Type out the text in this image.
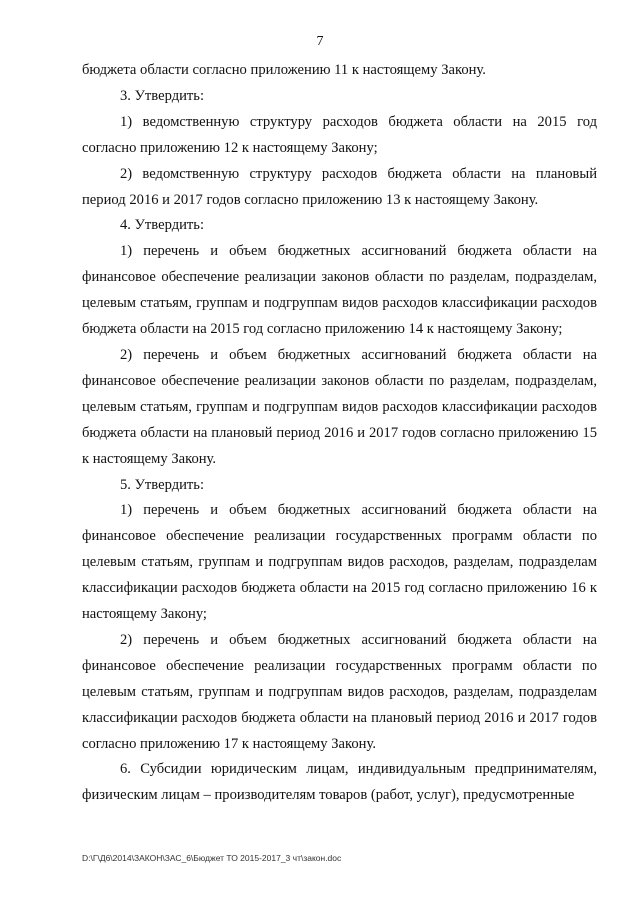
7

бюджета области согласно приложению 11 к настоящему Закону.

3. Утвердить:

1) ведомственную структуру расходов бюджета области на 2015 год согласно приложению 12 к настоящему Закону;

2) ведомственную структуру расходов бюджета области на плановый период 2016 и 2017 годов согласно приложению 13 к настоящему Закону.

4. Утвердить:

1) перечень и объем бюджетных ассигнований бюджета области на финансовое обеспечение реализации законов области по разделам, подразделам, целевым статьям, группам и подгруппам видов расходов классификации расходов бюджета области на 2015 год согласно приложению 14 к настоящему Закону;

2) перечень и объем бюджетных ассигнований бюджета области на финансовое обеспечение реализации законов области по разделам, подразделам, целевым статьям, группам и подгруппам видов расходов классификации расходов бюджета области на плановый период 2016 и 2017 годов согласно приложению 15 к настоящему Закону.

5. Утвердить:

1) перечень и объем бюджетных ассигнований бюджета области на финансовое обеспечение реализации государственных программ области по целевым статьям, группам и подгруппам видов расходов, разделам, подразделам классификации расходов бюджета области на 2015 год согласно приложению 16 к настоящему Закону;

2) перечень и объем бюджетных ассигнований бюджета области на финансовое обеспечение реализации государственных программ области по целевым статьям, группам и подгруппам видов расходов, разделам, подразделам классификации расходов бюджета области на плановый период 2016 и 2017 годов согласно приложению 17 к настоящему Закону.

6. Субсидии юридическим лицам, индивидуальным предпринимателям, физическим лицам – производителям товаров (работ, услуг), предусмотренные

D:\Г\Д6\2014\ЗАКОН\ЗАС_6\Бюджет ТО 2015-2017_3 чт\закон.doc
